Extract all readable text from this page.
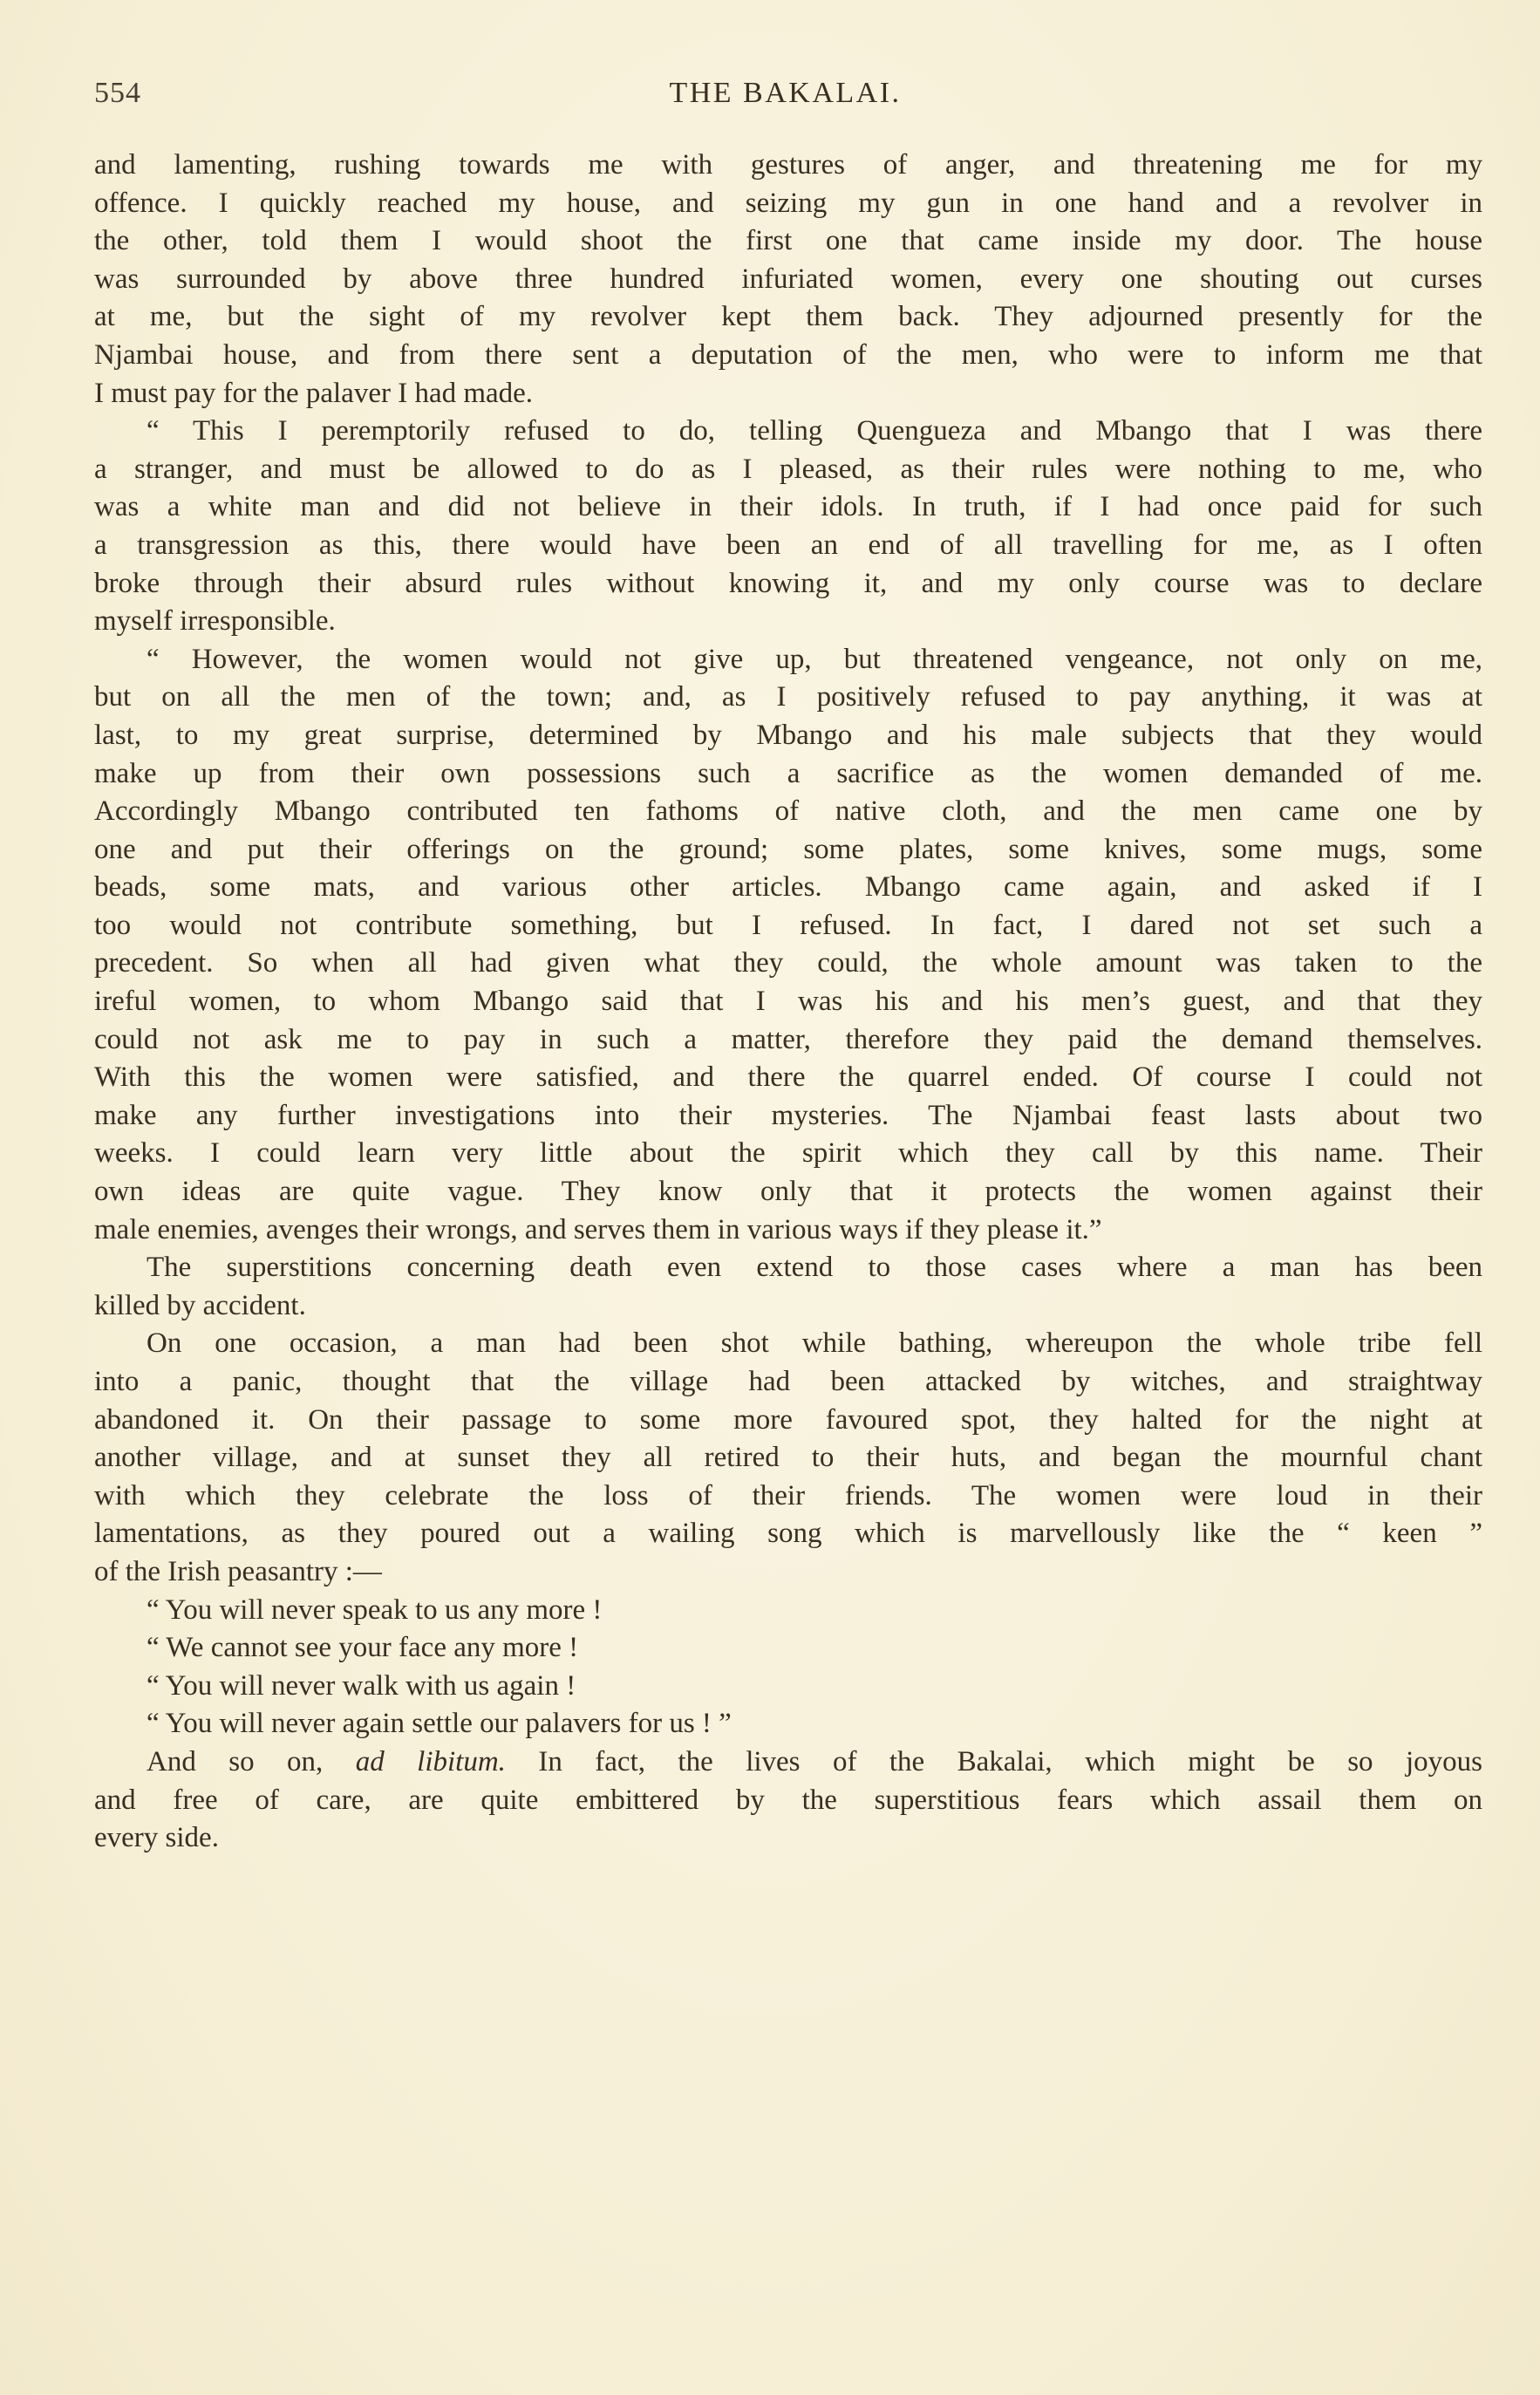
554	THE BAKALAI.
and lamenting, rushing towards me with gestures of anger, and threatening me for my
offence. I quickly reached my house, and seizing my gun in one hand and a revolver in
the other, told them I would shoot the first one that came inside my door. The house
was surrounded by above three hundred infuriated women, every one shouting out curses
at me, but the sight of my revolver kept them back. They adjourned presently for the
Njambai house, and from there sent a deputation of the men, who were to inform me that
I must pay for the palaver I had made.
“ This I peremptorily refused to do, telling Quengueza and Mbango that I was there
a stranger, and must be allowed to do as I pleased, as their rules were nothing to me, who
was a white man and did not believe in their idols. In truth, if I had once paid for such
a transgression as this, there would have been an end of all travelling for me, as I often
broke through their absurd rules without knowing it, and my only course was to declare
myself irresponsible.
“ However, the women would not give up, but threatened vengeance, not only on me,
but on all the men of the town; and, as I positively refused to pay anything, it was at
last, to my great surprise, determined by Mbango and his male subjects that they would
make up from their own possessions such a sacrifice as the women demanded of me.
Accordingly Mbango contributed ten fathoms of native cloth, and the men came one by
one and put their offerings on the ground; some plates, some knives, some mugs, some
beads, some mats, and various other articles. Mbango came again, and asked if I
too would not contribute something, but I refused. In fact, I dared not set such a
precedent. So when all had given what they could, the whole amount was taken to the
ireful women, to whom Mbango said that I was his and his men’s guest, and that they
could not ask me to pay in such a matter, therefore they paid the demand themselves.
With this the women were satisfied, and there the quarrel ended. Of course I could not
make any further investigations into their mysteries. The Njambai feast lasts about two
weeks. I could learn very little about the spirit which they call by this name. Their
own ideas are quite vague. They know only that it protects the women against their
male enemies, avenges their wrongs, and serves them in various ways if they please it.”
The superstitions concerning death even extend to those cases where a man has been
killed by accident.
On one occasion, a man had been shot while bathing, whereupon the whole tribe fell
into a panic, thought that the village had been attacked by witches, and straightway
abandoned it. On their passage to some more favoured spot, they halted for the night at
another village, and at sunset they all retired to their huts, and began the mournful chant
with which they celebrate the loss of their friends. The women were loud in their
lamentations, as they poured out a wailing song which is marvellously like the “ keen ”
of the Irish peasantry :—
“ You will never speak to us any more !
“ We cannot see your face any more !
“ You will never walk with us again !
“ You will never again settle our palavers for us ! ”
And so on, ad libitum. In fact, the lives of the Bakalai, which might be so joyous
and free of care, are quite embittered by the superstitious fears which assail them on
every side.
